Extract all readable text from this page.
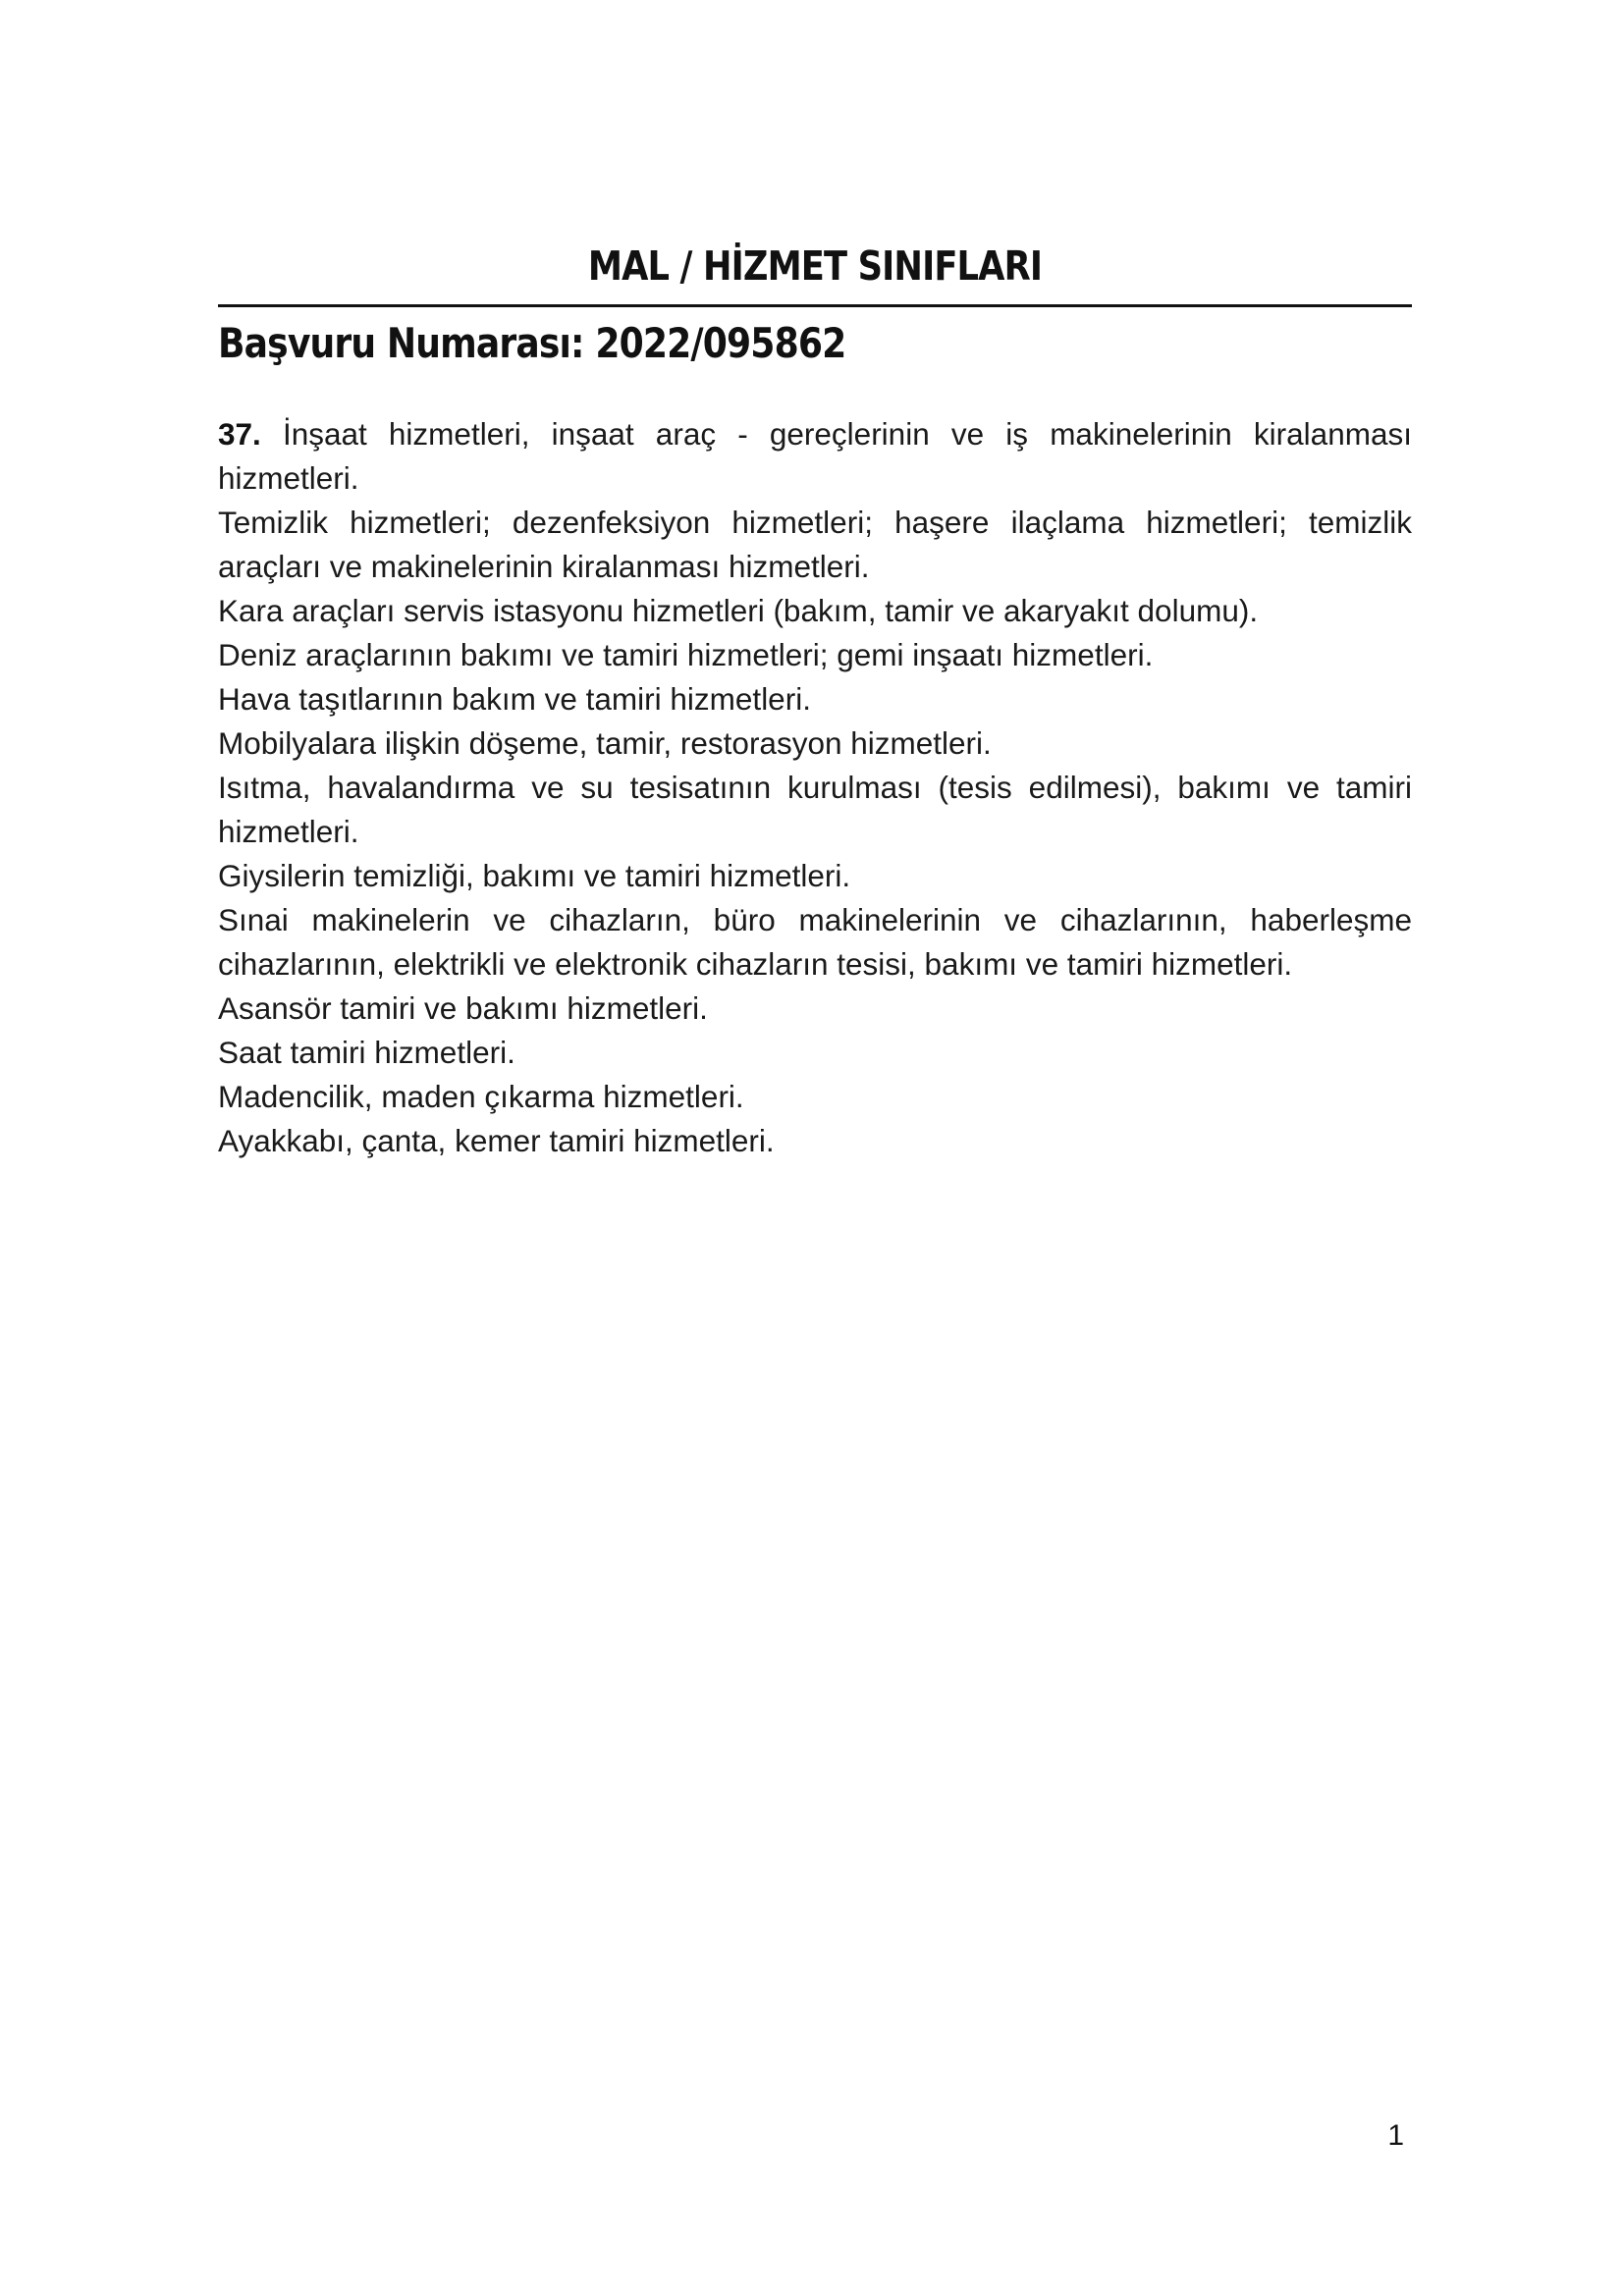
MAL / HİZMET SINIFLARI
Başvuru Numarası: 2022/095862

37. İnşaat hizmetleri, inşaat araç - gereçlerinin ve iş makinelerinin kiralanması hizmetleri.

Temizlik hizmetleri; dezenfeksiyon hizmetleri; haşere ilaçlama hizmetleri; temizlik araçları ve makinelerinin kiralanması hizmetleri.

Kara araçları servis istasyonu hizmetleri (bakım, tamir ve akaryakıt dolumu).

Deniz araçlarının bakımı ve tamiri hizmetleri; gemi inşaatı hizmetleri.

Hava taşıtlarının bakım ve tamiri hizmetleri.

Mobilyalara ilişkin döşeme, tamir, restorasyon hizmetleri.

Isıtma, havalandırma ve su tesisatının kurulması (tesis edilmesi), bakımı ve tamiri hizmetleri.

Giysilerin temizliği, bakımı ve tamiri hizmetleri.

Sınai makinelerin ve cihazların, büro makinelerinin ve cihazlarının, haberleşme cihazlarının, elektrikli ve elektronik cihazların tesisi, bakımı ve tamiri hizmetleri.

Asansör tamiri ve bakımı hizmetleri.

Saat tamiri hizmetleri.

Madencilik, maden çıkarma hizmetleri.

Ayakkabı, çanta, kemer tamiri hizmetleri.

1
